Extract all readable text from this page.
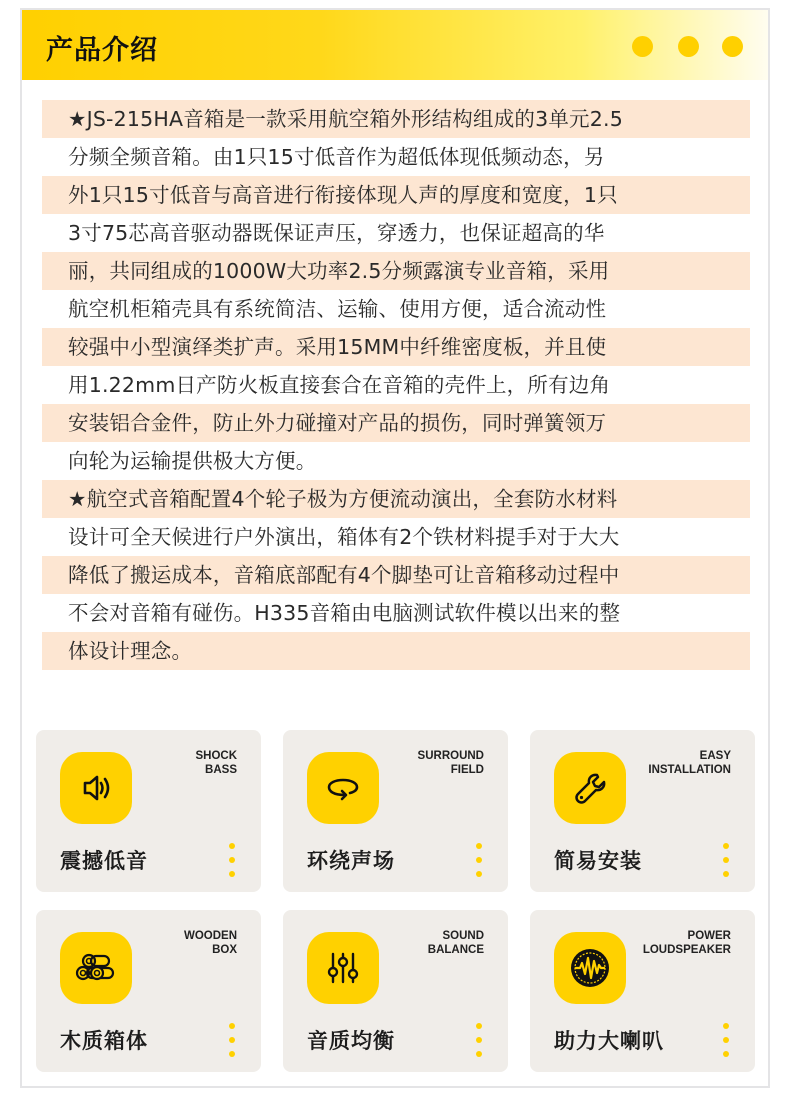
产品介绍
★JS-215HA音箱是一款采用航空箱外形结构组成的3单元2.5
分频全频音箱。由1只15寸低音作为超低体现低频动态，另
外1只15寸低音与高音进行衔接体现人声的厚度和宽度，1只
3寸75芯高音驱动器既保证声压，穿透力，也保证超高的华
丽，共同组成的1000W大功率2.5分频露演专业音箱，采用
航空机柜箱壳具有系统简洁、运输、使用方便，适合流动性
较强中小型演绎类扩声。采用15MM中纤维密度板，并且使
用1.22mm日产防火板直接套合在音箱的壳件上，所有边角
安装铝合金件，防止外力碰撞对产品的损伤，同时弹簧领万
向轮为运输提供极大方便。
★航空式音箱配置4个轮子极为方便流动演出，全套防水材料
设计可全天候进行户外演出，箱体有2个铁材料提手对于大大
降低了搬运成本，音箱底部配有4个脚垫可让音箱移动过程中
不会对音箱有碰伤。H335音箱由电脑测试软件模以出来的整
体设计理念。
SHOCK
BASS
震撼低音
SURROUND
FIELD
环绕声场
EASY
INSTALLATION
简易安装
WOODEN
BOX
木质箱体
SOUND
BALANCE
音质均衡
POWER
LOUDSPEAKER
助力大喇叭
